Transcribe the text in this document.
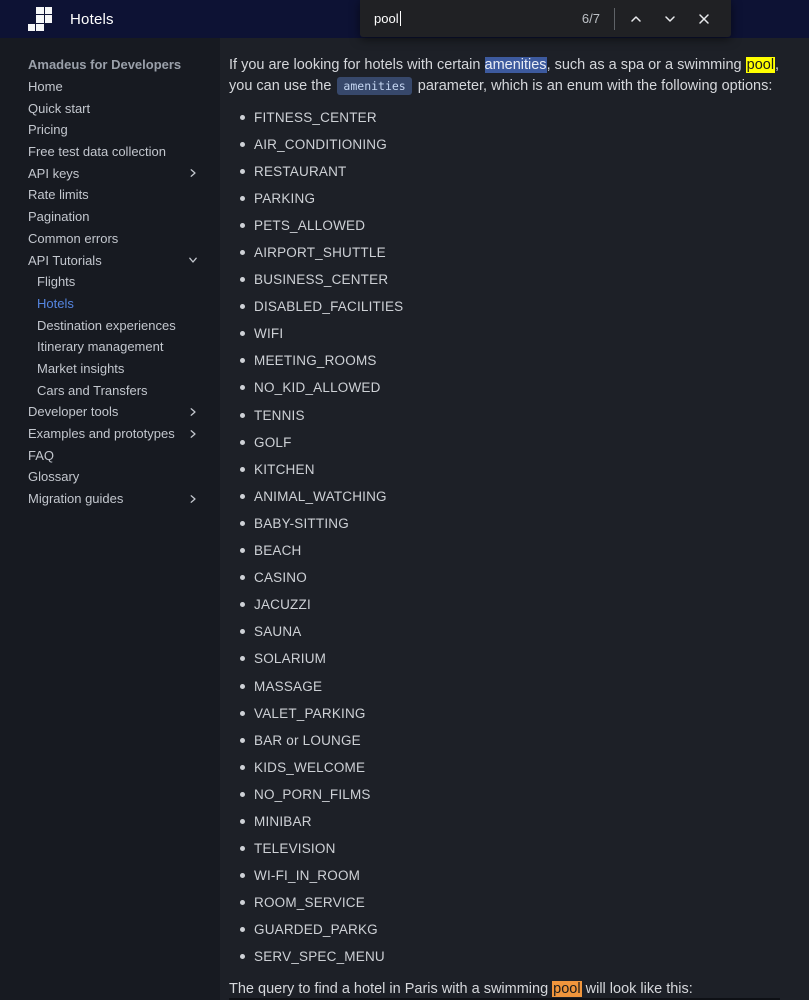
Hotels	pool	6/7
Amadeus for Developers
Home
Quick start
Pricing
Free test data collection
API keys
Rate limits
Pagination
Common errors
API Tutorials
Flights
Hotels
Destination experiences
Itinerary management
Market insights
Cars and Transfers
Developer tools
Examples and prototypes
FAQ
Glossary
Migration guides

If you are looking for hotels with certain amenities, such as a spa or a swimming pool, you can use the amenities parameter, which is an enum with the following options:

FITNESS_CENTER
AIR_CONDITIONING
RESTAURANT
PARKING
PETS_ALLOWED
AIRPORT_SHUTTLE
BUSINESS_CENTER
DISABLED_FACILITIES
WIFI
MEETING_ROOMS
NO_KID_ALLOWED
TENNIS
GOLF
KITCHEN
ANIMAL_WATCHING
BABY-SITTING
BEACH
CASINO
JACUZZI
SAUNA
SOLARIUM
MASSAGE
VALET_PARKING
BAR or LOUNGE
KIDS_WELCOME
NO_PORN_FILMS
MINIBAR
TELEVISION
WI-FI_IN_ROOM
ROOM_SERVICE
GUARDED_PARKG
SERV_SPEC_MENU

The query to find a hotel in Paris with a swimming pool will look like this:
